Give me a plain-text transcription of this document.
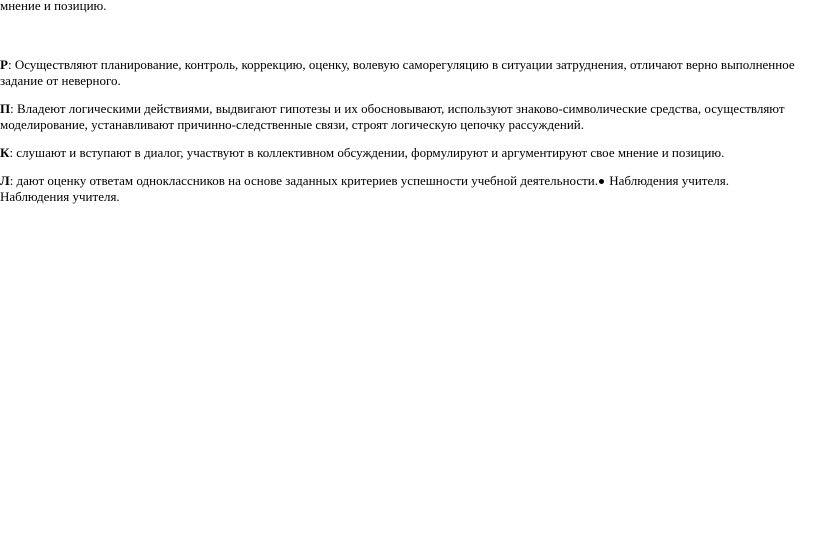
мнение и позицию.
Р: Осуществляют планирование, контроль, коррекцию, оценку, волевую саморегуляцию в ситуации затруднения, отличают верно выполненное задание от неверного.
П: Владеют логическими действиями, выдвигают гипотезы и их обосновывают, используют знаково-символические средства, осуществляют моделирование, устанавливают причинно-следственные связи, строят логическую цепочку рассуждений.
К: слушают и вступают в диалог, участвуют в коллективном обсуждении, формулируют и аргументируют свое мнение и позицию.
Л: дают оценку ответам одноклассников на основе заданных критериев успешности учебной деятельности. Наблюдения учителя.
Наблюдения учителя.
